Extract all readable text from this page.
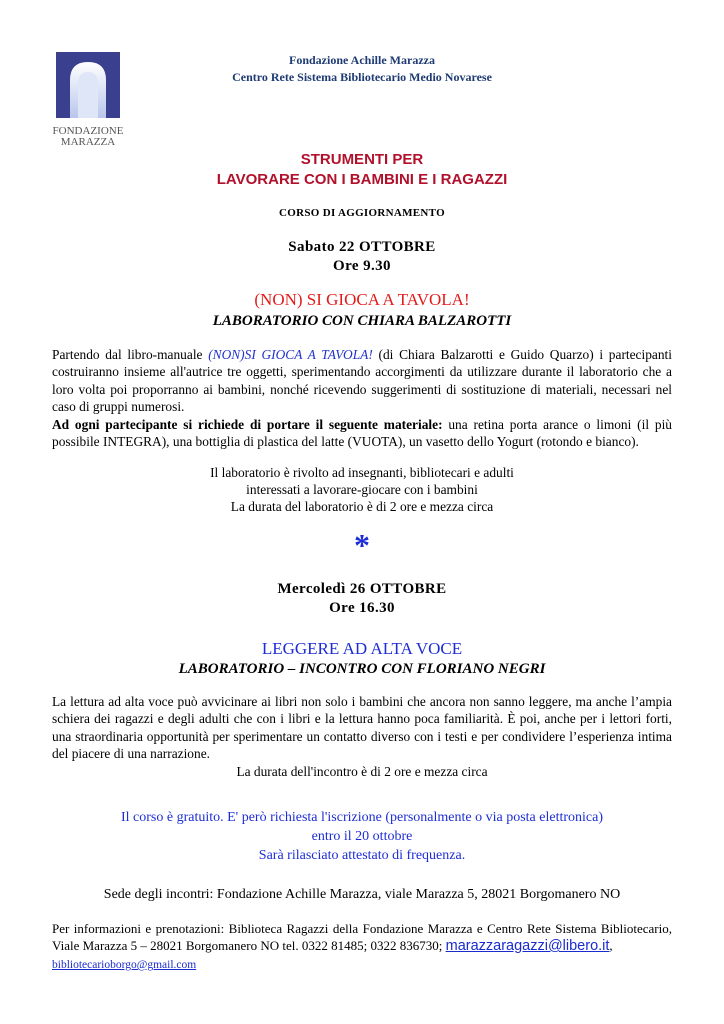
FONDAZIONE
MARAZZA
Fondazione Achille Marazza
Centro Rete Sistema Bibliotecario Medio Novarese
STRUMENTI PER
LAVORARE CON I BAMBINI E I RAGAZZI
CORSO DI AGGIORNAMENTO
Sabato 22 OTTOBRE
Ore 9.30
(NON) SI GIOCA A TAVOLA!
LABORATORIO CON CHIARA BALZAROTTI
Partendo dal libro-manuale (NON)SI GIOCA A TAVOLA! (di Chiara Balzarotti e Guido Quarzo) i partecipanti costruiranno insieme all'autrice tre oggetti, sperimentando accorgimenti da utilizzare durante il laboratorio che a loro volta poi proporranno ai bambini, nonché ricevendo suggerimenti di sostituzione di materiali, necessari nel caso di gruppi numerosi.
Ad ogni partecipante si richiede di portare il seguente materiale: una retina porta arance o limoni (il più possibile INTEGRA), una bottiglia di plastica del latte (VUOTA), un vasetto dello Yogurt (rotondo e bianco).
Il laboratorio è rivolto ad insegnanti, bibliotecari e adulti
interessati a lavorare-giocare con i bambini
La durata del laboratorio è di 2 ore e mezza circa
*
Mercoledì 26 OTTOBRE
Ore 16.30
LEGGERE AD ALTA VOCE
LABORATORIO – INCONTRO CON FLORIANO NEGRI
La lettura ad alta voce può avvicinare ai libri non solo i bambini che ancora non sanno leggere, ma anche l’ampia schiera dei ragazzi e degli adulti che con i libri e la lettura hanno poca familiarità. È poi, anche per i lettori forti, una straordinaria opportunità per sperimentare un contatto diverso con i testi e per condividere l’esperienza intima del piacere di una narrazione.
La durata dell'incontro è di 2 ore e mezza circa
Il corso è gratuito. E' però richiesta l'iscrizione (personalmente o via posta elettronica)
entro il 20 ottobre
Sarà rilasciato attestato di frequenza.
Sede degli incontri: Fondazione Achille Marazza, viale Marazza 5, 28021 Borgomanero NO
Per informazioni e prenotazioni: Biblioteca Ragazzi della Fondazione Marazza e Centro Rete Sistema Bibliotecario, Viale Marazza 5 – 28021 Borgomanero NO tel. 0322 81485; 0322 836730; marazzaragazzi@libero.it,
bibliotecarioborgo@gmail.com
